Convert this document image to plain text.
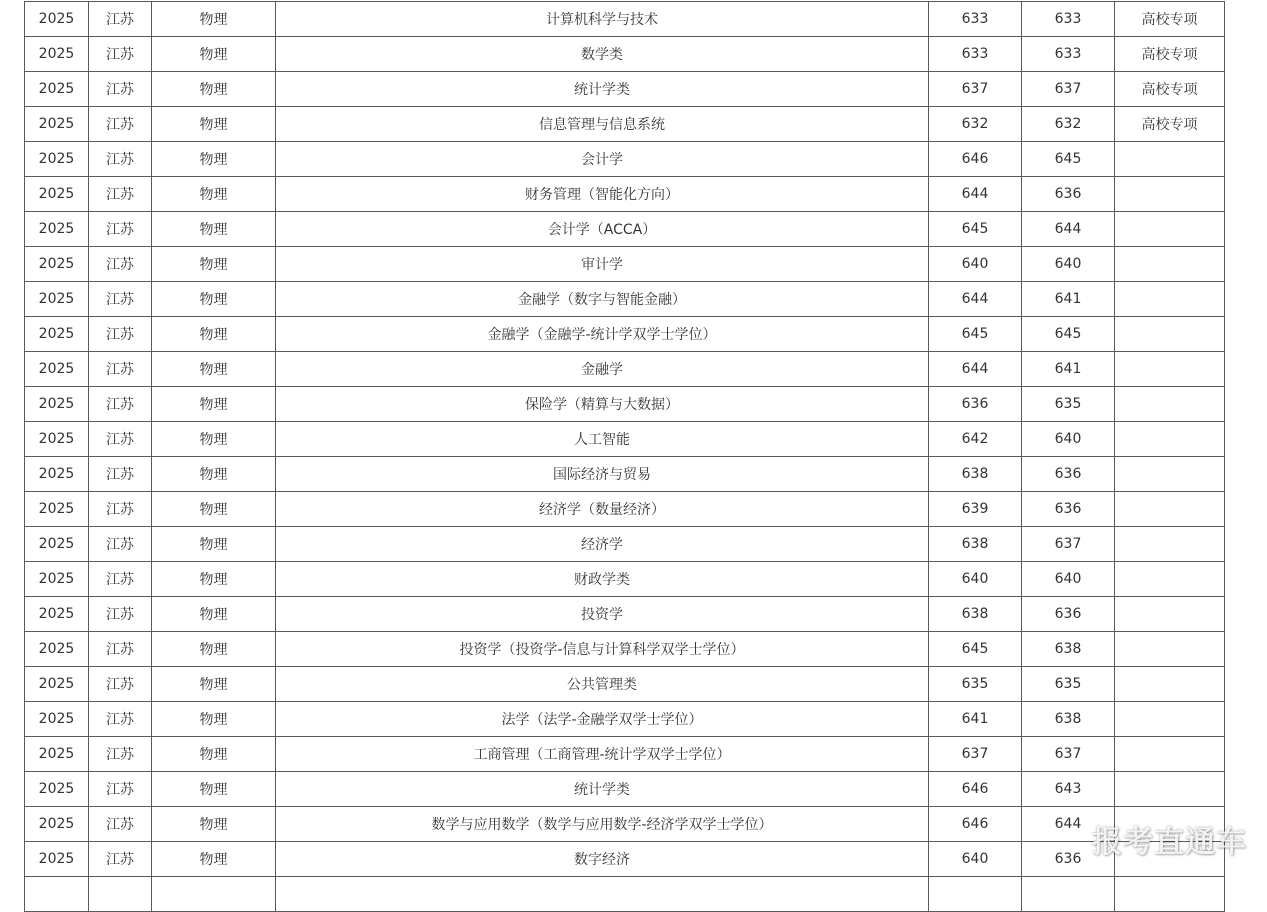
2025	江苏	物理	计算机科学与技术	633	633	高校专项
2025	江苏	物理	数学类	633	633	高校专项
2025	江苏	物理	统计学类	637	637	高校专项
2025	江苏	物理	信息管理与信息系统	632	632	高校专项
2025	江苏	物理	会计学	646	645	
2025	江苏	物理	财务管理（智能化方向）	644	636	
2025	江苏	物理	会计学（ACCA）	645	644	
2025	江苏	物理	审计学	640	640	
2025	江苏	物理	金融学（数字与智能金融）	644	641	
2025	江苏	物理	金融学（金融学-统计学双学士学位）	645	645	
2025	江苏	物理	金融学	644	641	
2025	江苏	物理	保险学（精算与大数据）	636	635	
2025	江苏	物理	人工智能	642	640	
2025	江苏	物理	国际经济与贸易	638	636	
2025	江苏	物理	经济学（数量经济）	639	636	
2025	江苏	物理	经济学	638	637	
2025	江苏	物理	财政学类	640	640	
2025	江苏	物理	投资学	638	636	
2025	江苏	物理	投资学（投资学-信息与计算科学双学士学位）	645	638	
2025	江苏	物理	公共管理类	635	635	
2025	江苏	物理	法学（法学-金融学双学士学位）	641	638	
2025	江苏	物理	工商管理（工商管理-统计学双学士学位）	637	637	
2025	江苏	物理	统计学类	646	643	
2025	江苏	物理	数学与应用数学（数学与应用数学-经济学双学士学位）	646	644	
2025	江苏	物理	数字经济	640	636	
						报考直通车
